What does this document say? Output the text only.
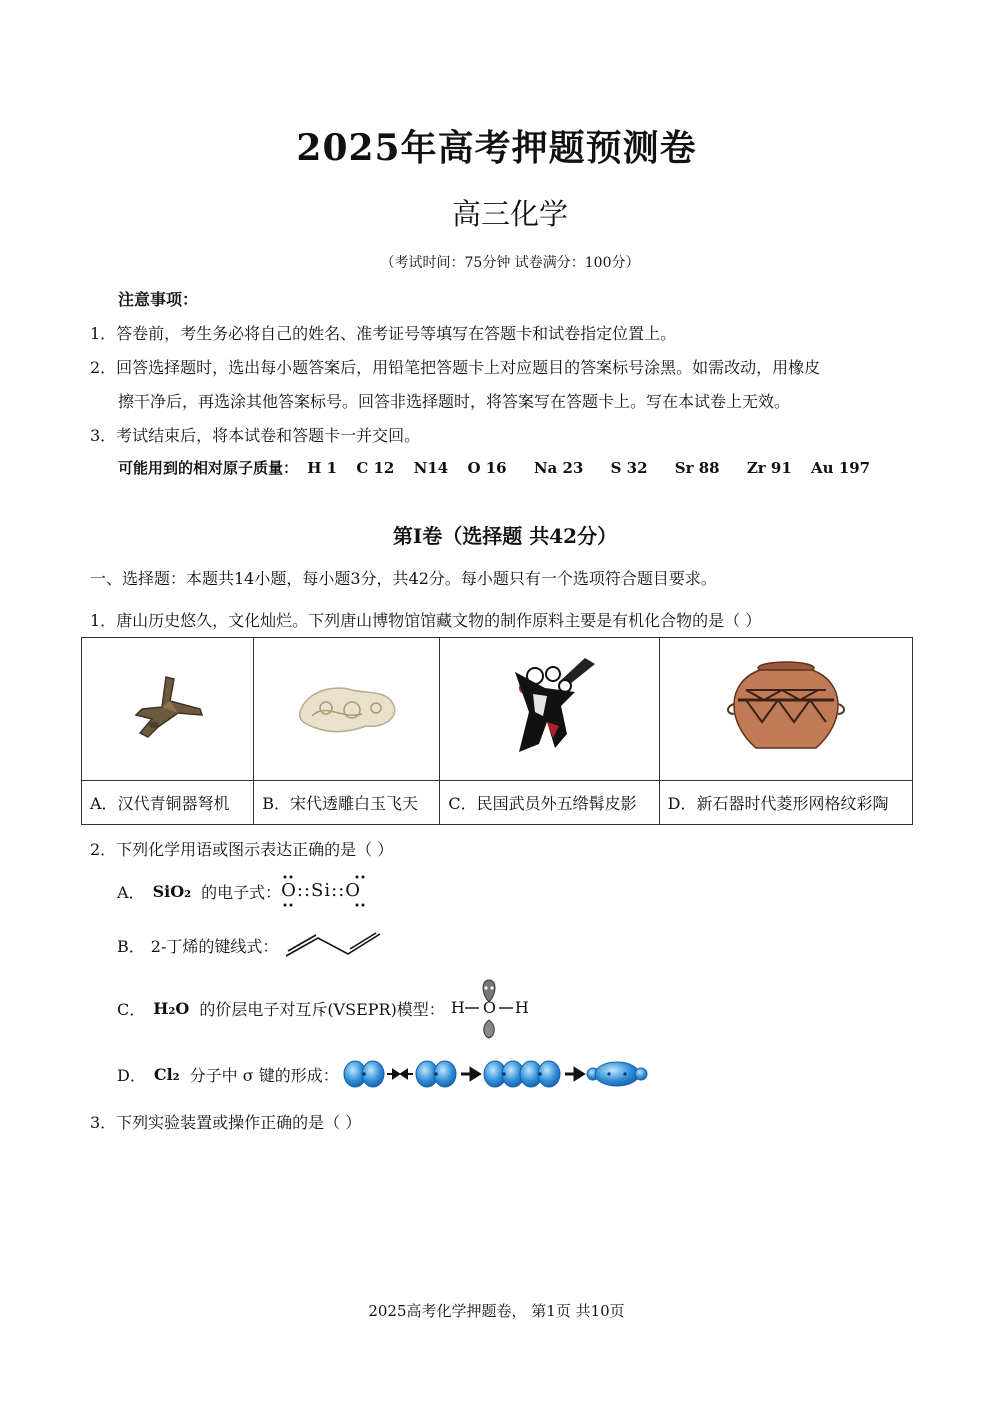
2025年高考押题预测卷
高三化学
（考试时间：75分钟 试卷满分：100分）
注意事项：
1．答卷前，考生务必将自己的姓名、准考证号等填写在答题卡和试卷指定位置上。
2．回答选择题时，选出每小题答案后，用铅笔把答题卡上对应题目的答案标号涂黑。如需改动，用橡皮
擦干净后，再选涂其他答案标号。回答非选择题时，将答案写在答题卡上。写在本试卷上无效。
3．考试结束后，将本试卷和答题卡一并交回。
可能用到的相对原子质量： H 1 C 12 N14 O 16 Na 23 S 32 Sr 88 Zr 91 Au 197
第Ⅰ卷（选择题 共42分）
一、选择题：本题共14小题，每小题3分，共42分。每小题只有一个选项符合题目要求。
1．唐山历史悠久，文化灿烂。下列唐山博物馆馆藏文物的制作原料主要是有机化合物的是（ ）

A．汉代青铜器弩机	B．宋代透雕白玉飞天	C．民国武员外五绺髯皮影	D．新石器时代菱形网格纹彩陶
2．下列化学用语或图示表达正确的是（ ）
A． SiO₂ 的电子式： O::Si::O
B． 2-丁烯的键线式：
C． H₂O 的价层电子对互斥(VSEPR)模型： H O H
D． Cl₂ 分子中 σ 键的形成：
3．下列实验装置或操作正确的是（ ）
2025高考化学押题卷， 第1页 共10页
